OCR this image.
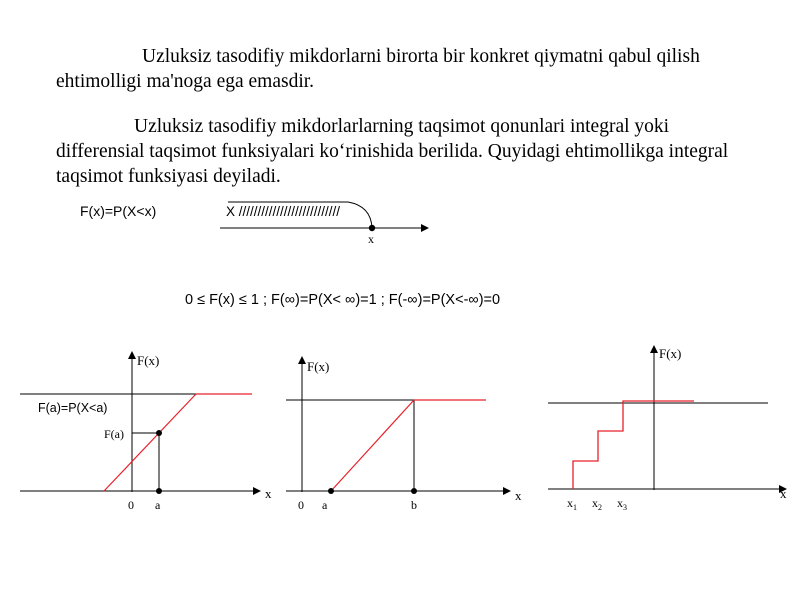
Uzluksiz tasodifiy mikdorlarni birorta bir konkret qiymatni qabul qilish ehtimolligi ma'noga ega emasdir.

Uzluksiz tasodifiy mikdorlarlarning taqsimot qonunlari integral yoki differensial taqsimot funksiyalari ko‘rinishida berilida. Quyidagi ehtimollikga integral taqsimot funksiyasi deyiladi.

F(x)=P(X<x)
0 ≤ F(x) ≤ 1 ; F(∞)=P(X< ∞)=1 ; F(-∞)=P(X<-∞)=0
X ///////////////////////////
x
F(x)
x
F(a)=P(X<a)
F(a)
0 a
F(x)
x
0 a	b
F(x)
x
$x_1$ $x_2$ $x_3$
